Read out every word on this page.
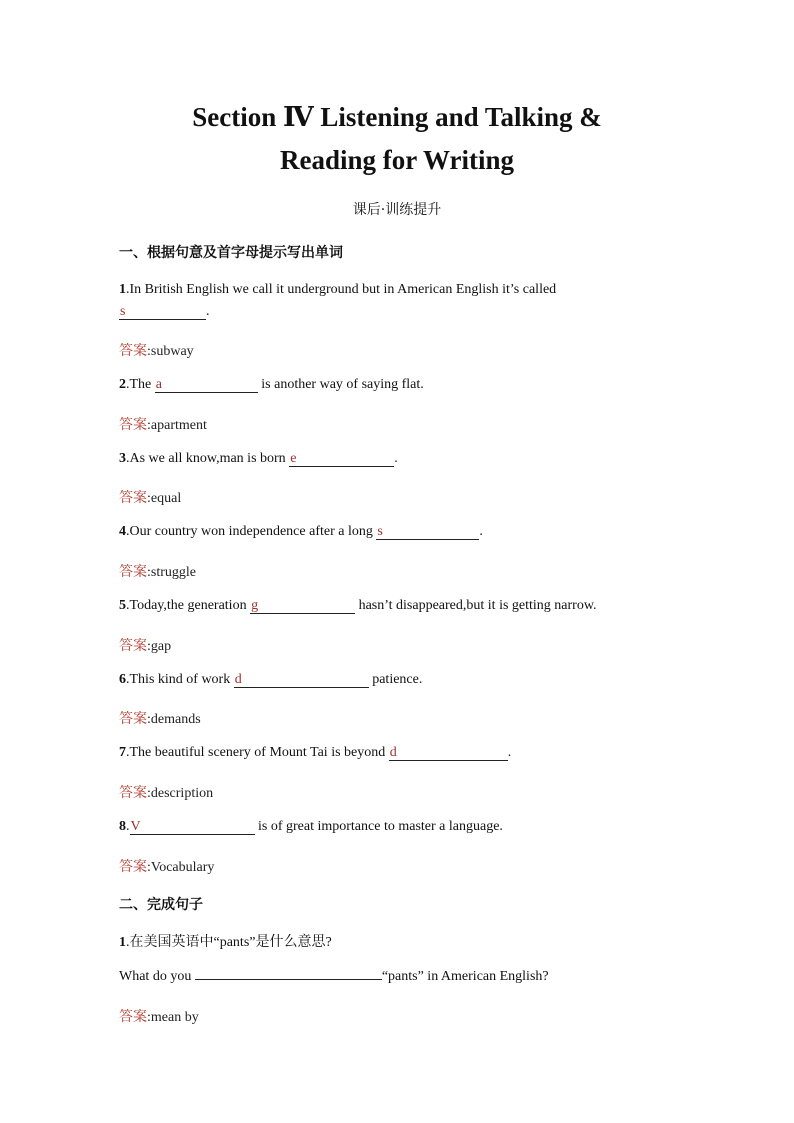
Section Ⅳ Listening and Talking &
Reading for Writing
课后·训练提升
一、根据句意及首字母提示写出单词
1.In British English we call it underground but in American English it’s called
s	.
答案:subway
2.The a	is another way of saying flat.
答案:apartment
3.As we all know,man is born e	.
答案:equal
4.Our country won independence after a long s	.
答案:struggle
5.Today,the generation g	hasn’t disappeared,but it is getting narrow.
答案:gap
6.This kind of work d	patience.
答案:demands
7.The beautiful scenery of Mount Tai is beyond d	.
答案:description
8.V	is of great importance to master a language.
答案:Vocabulary
二、完成句子
1.在美国英语中“pants”是什么意思?
What do you	“pants” in American English?
答案:mean by
